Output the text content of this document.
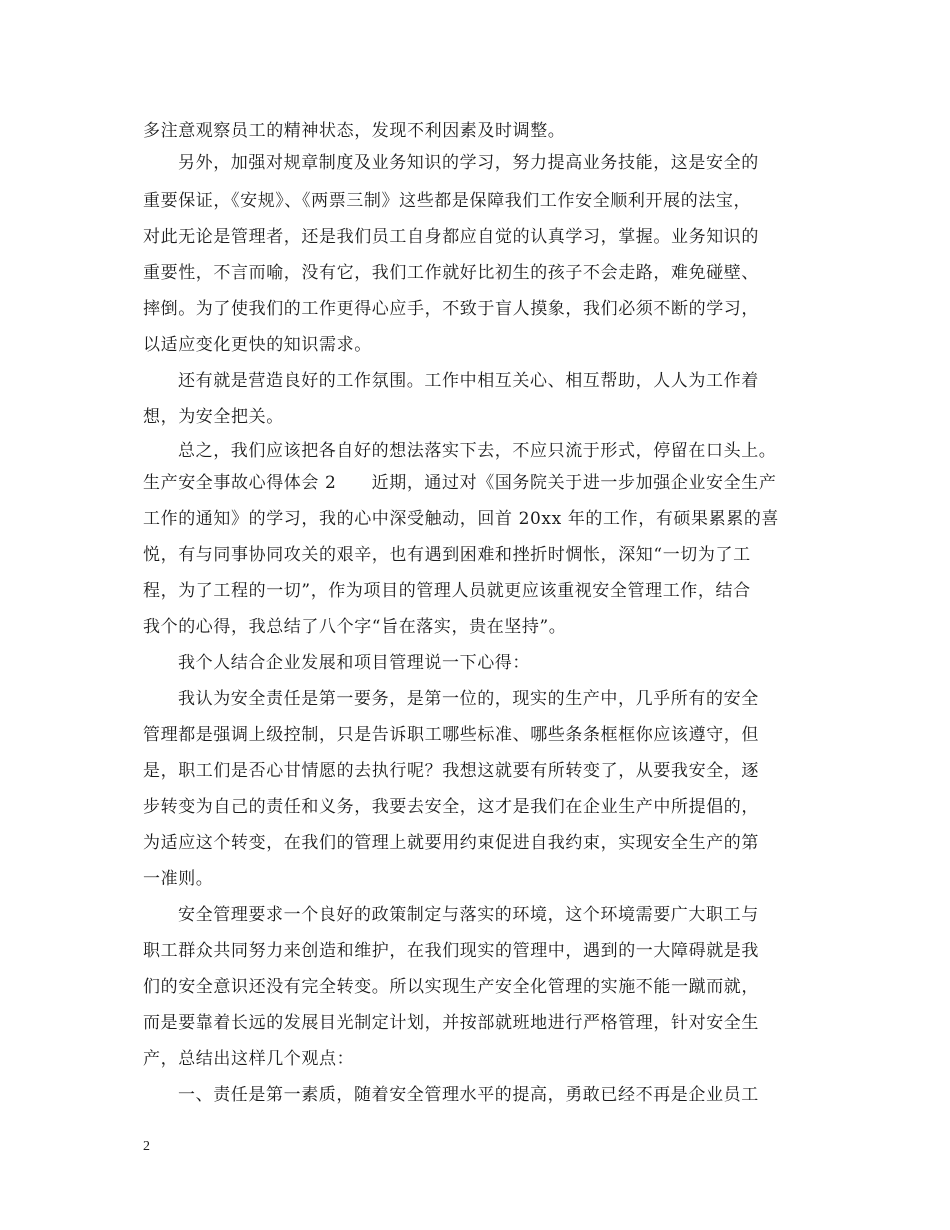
多注意观察员工的精神状态，发现不利因素及时调整。
另外，加强对规章制度及业务知识的学习，努力提高业务技能，这是安全的
重要保证，《安规》、《两票三制》这些都是保障我们工作安全顺利开展的法宝，
对此无论是管理者，还是我们员工自身都应自觉的认真学习，掌握。业务知识的
重要性，不言而喻，没有它，我们工作就好比初生的孩子不会走路，难免碰壁、
摔倒。为了使我们的工作更得心应手，不致于盲人摸象，我们必须不断的学习，
以适应变化更快的知识需求。
还有就是营造良好的工作氛围。工作中相互关心、相互帮助，人人为工作着
想，为安全把关。
总之，我们应该把各自好的想法落实下去，不应只流于形式，停留在口头上。
生产安全事故心得体会 2　　近期，通过对《国务院关于进一步加强企业安全生产
工作的通知》的学习，我的心中深受触动，回首 20xx 年的工作，有硕果累累的喜
悦，有与同事协同攻关的艰辛，也有遇到困难和挫折时惆怅，深知“一切为了工
程，为了工程的一切”，作为项目的管理人员就更应该重视安全管理工作，结合
我个的心得，我总结了八个字“旨在落实，贵在坚持”。
我个人结合企业发展和项目管理说一下心得：
我认为安全责任是第一要务，是第一位的，现实的生产中，几乎所有的安全
管理都是强调上级控制，只是告诉职工哪些标准、哪些条条框框你应该遵守，但
是，职工们是否心甘情愿的去执行呢？我想这就要有所转变了，从要我安全，逐
步转变为自己的责任和义务，我要去安全，这才是我们在企业生产中所提倡的，
为适应这个转变，在我们的管理上就要用约束促进自我约束，实现安全生产的第
一准则。
安全管理要求一个良好的政策制定与落实的环境，这个环境需要广大职工与
职工群众共同努力来创造和维护，在我们现实的管理中，遇到的一大障碍就是我
们的安全意识还没有完全转变。所以实现生产安全化管理的实施不能一蹴而就，
而是要靠着长远的发展目光制定计划，并按部就班地进行严格管理，针对安全生
产，总结出这样几个观点：
一、责任是第一素质，随着安全管理水平的提高，勇敢已经不再是企业员工
2
